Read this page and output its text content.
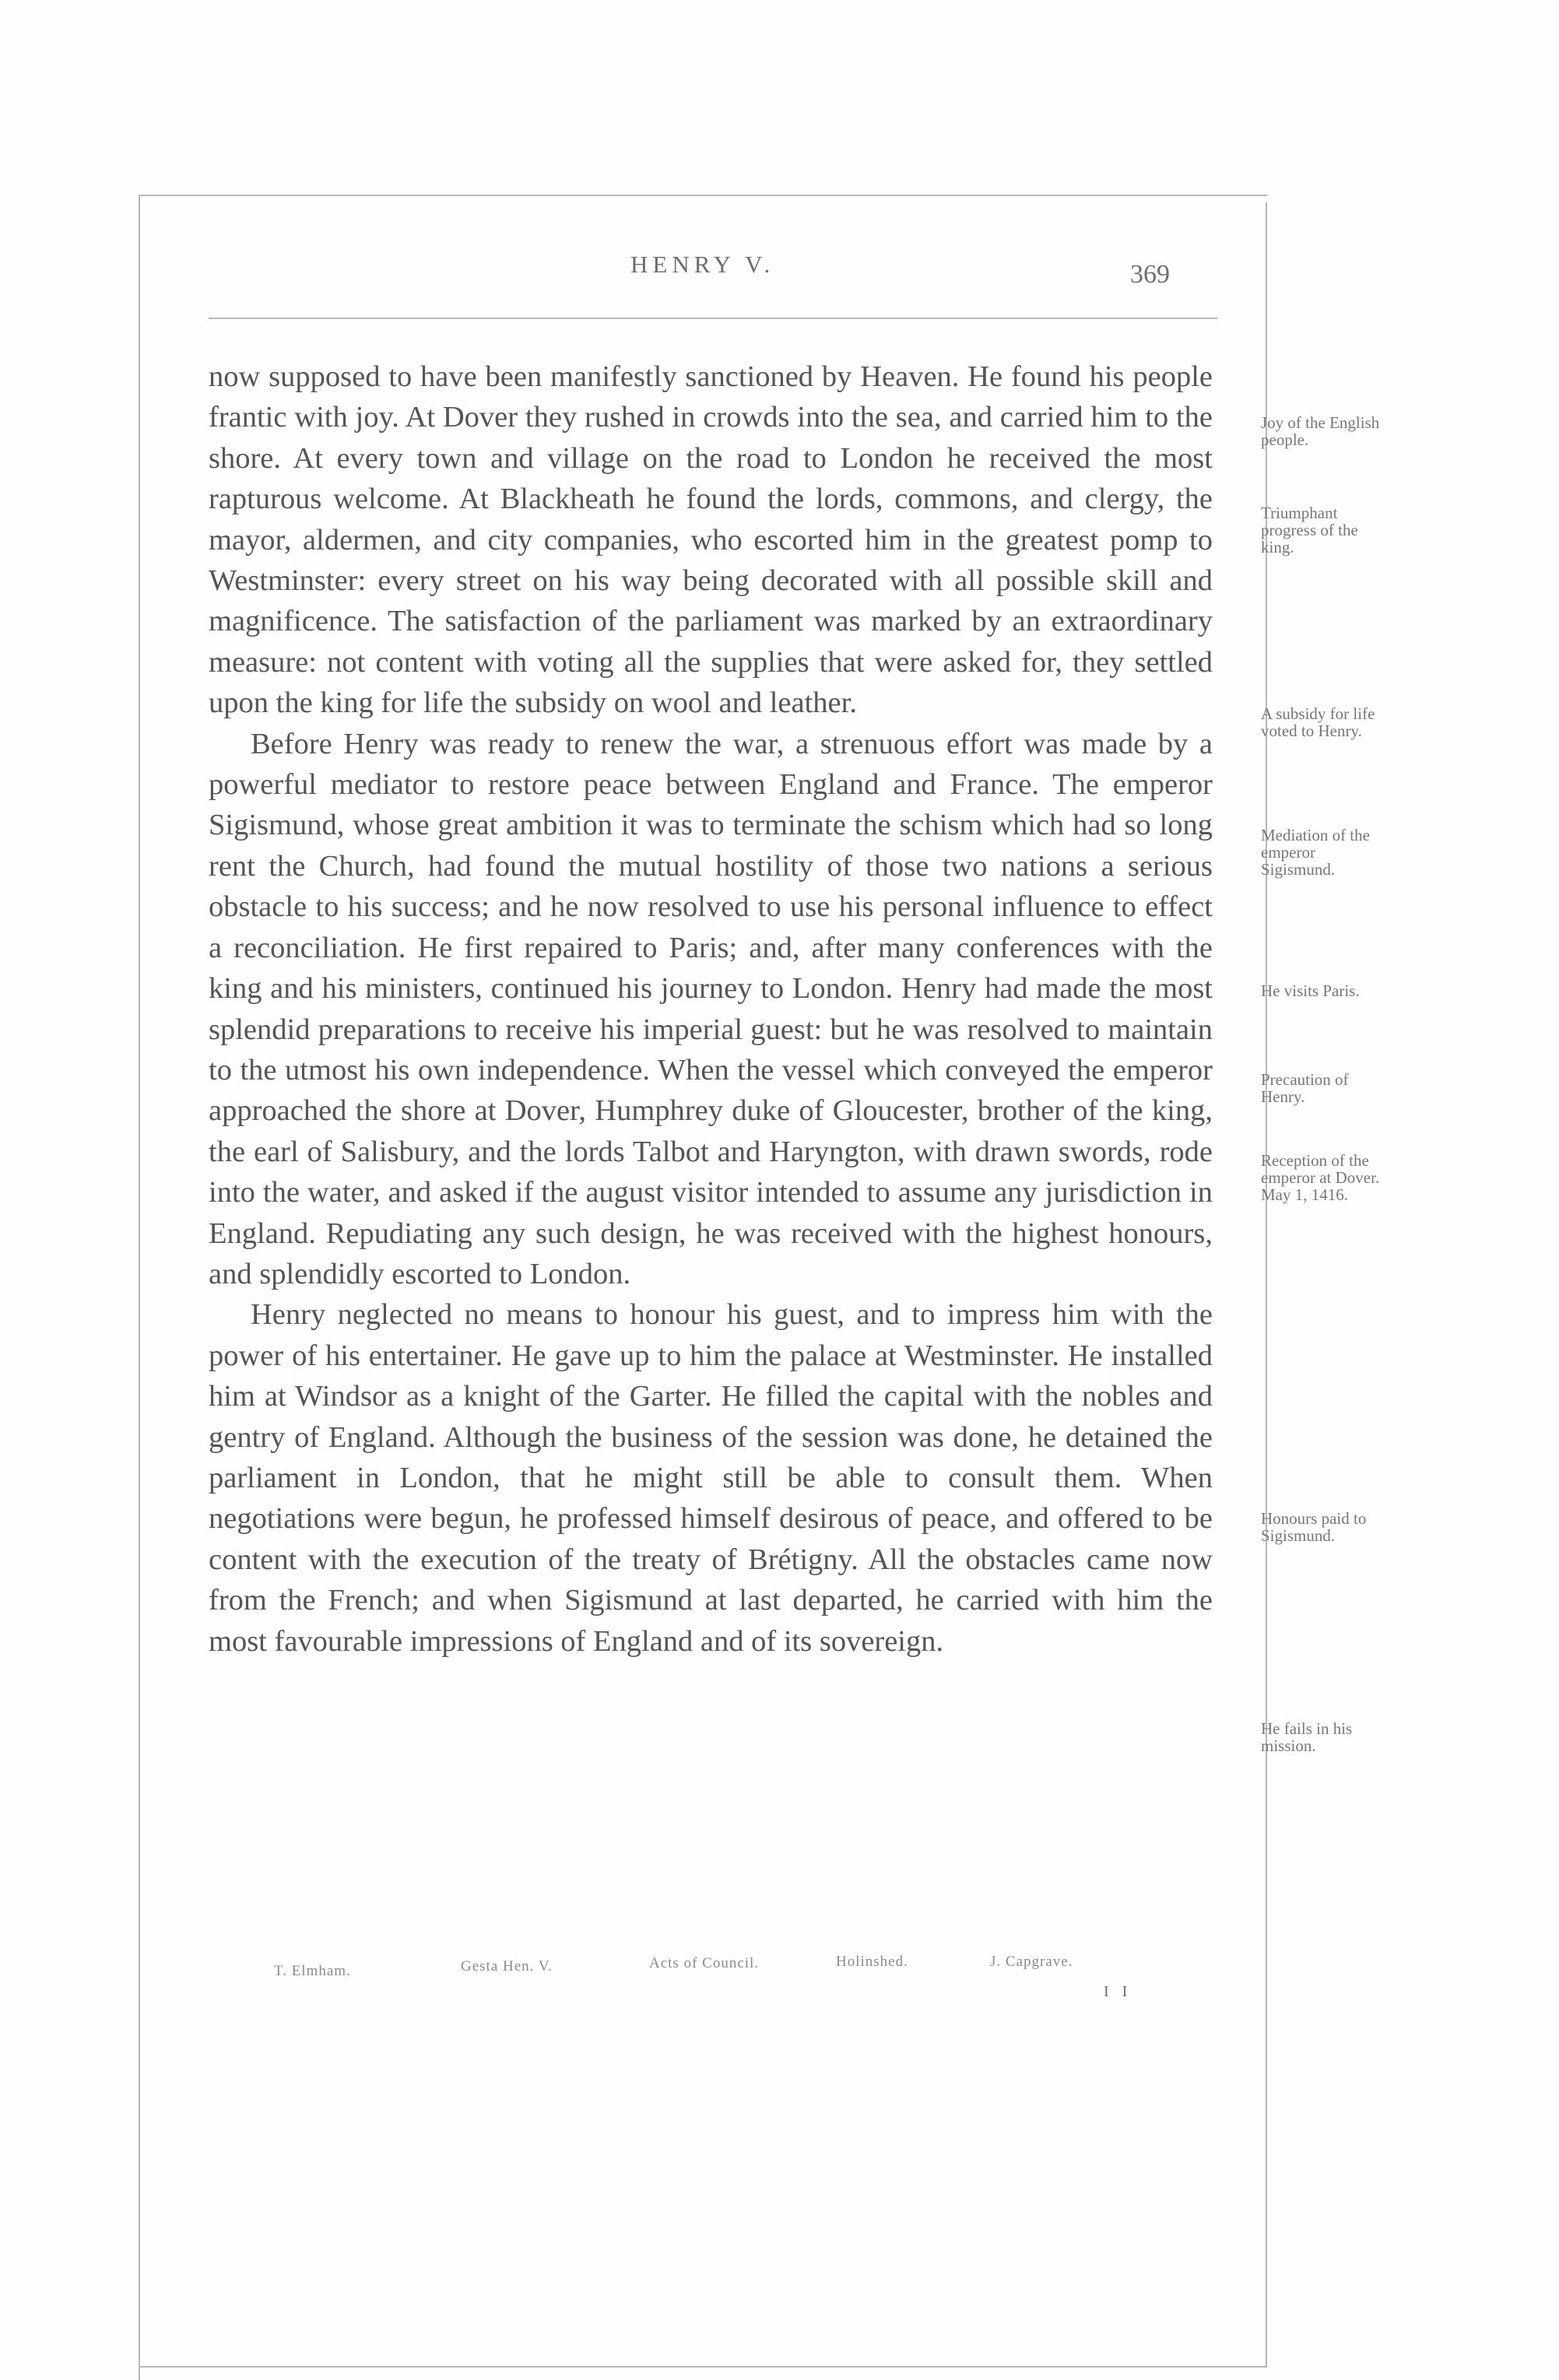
HENRY V.	369

now supposed to have been manifestly sanctioned by Heaven. He found his people frantic with joy. At Dover they rushed in crowds into the sea, and carried him to the shore. At every town and village on the road to London he received the most rapturous welcome. At Blackheath he found the lords, commons, and clergy, the mayor, aldermen, and city companies, who escorted him in the greatest pomp to Westminster: every street on his way being decorated with all possible skill and magnificence. The satisfaction of the parliament was marked by an extraordinary measure: not content with voting all the supplies that were asked for, they settled upon the king for life the subsidy on wool and leather.

Before Henry was ready to renew the war, a strenuous effort was made by a powerful mediator to restore peace between England and France. The emperor Sigismund, whose great ambition it was to terminate the schism which had so long rent the Church, had found the mutual hostility of those two nations a serious obstacle to his success; and he now resolved to use his personal influence to effect a reconciliation. He first repaired to Paris; and, after many conferences with the king and his ministers, continued his journey to London. Henry had made the most splendid preparations to receive his imperial guest: but he was resolved to maintain to the utmost his own independence. When the vessel which conveyed the emperor approached the shore at Dover, Humphrey duke of Gloucester, brother of the king, the earl of Salisbury, and the lords Talbot and Haryngton, with drawn swords, rode into the water, and asked if the august visitor intended to assume any jurisdiction in England. Repudiating any such design, he was received with the highest honours, and splendidly escorted to London.

Henry neglected no means to honour his guest, and to impress him with the power of his entertainer. He gave up to him the palace at Westminster. He installed him at Windsor as a knight of the Garter. He filled the capital with the nobles and gentry of England. Although the business of the session was done, he detained the parliament in London, that he might still be able to consult them. When negotiations were begun, he professed himself desirous of peace, and offered to be content with the execution of the treaty of Brétigny. All the obstacles came now from the French; and when Sigismund at last departed, he carried with him the most favourable impressions of England and of its sovereign.

Joy of the English people.
Triumphant progress of the king.
A subsidy for life voted to Henry.
Mediation of the emperor Sigismund.
He visits Paris.
Precaution of Henry.
Reception of the emperor at Dover. May 1, 1416.
Honours paid to Sigismund.
He fails in his mission.
T. Elmham.	Gesta Hen. V.	Acts of Council.	Holinshed.	J. Capgrave.
I I
